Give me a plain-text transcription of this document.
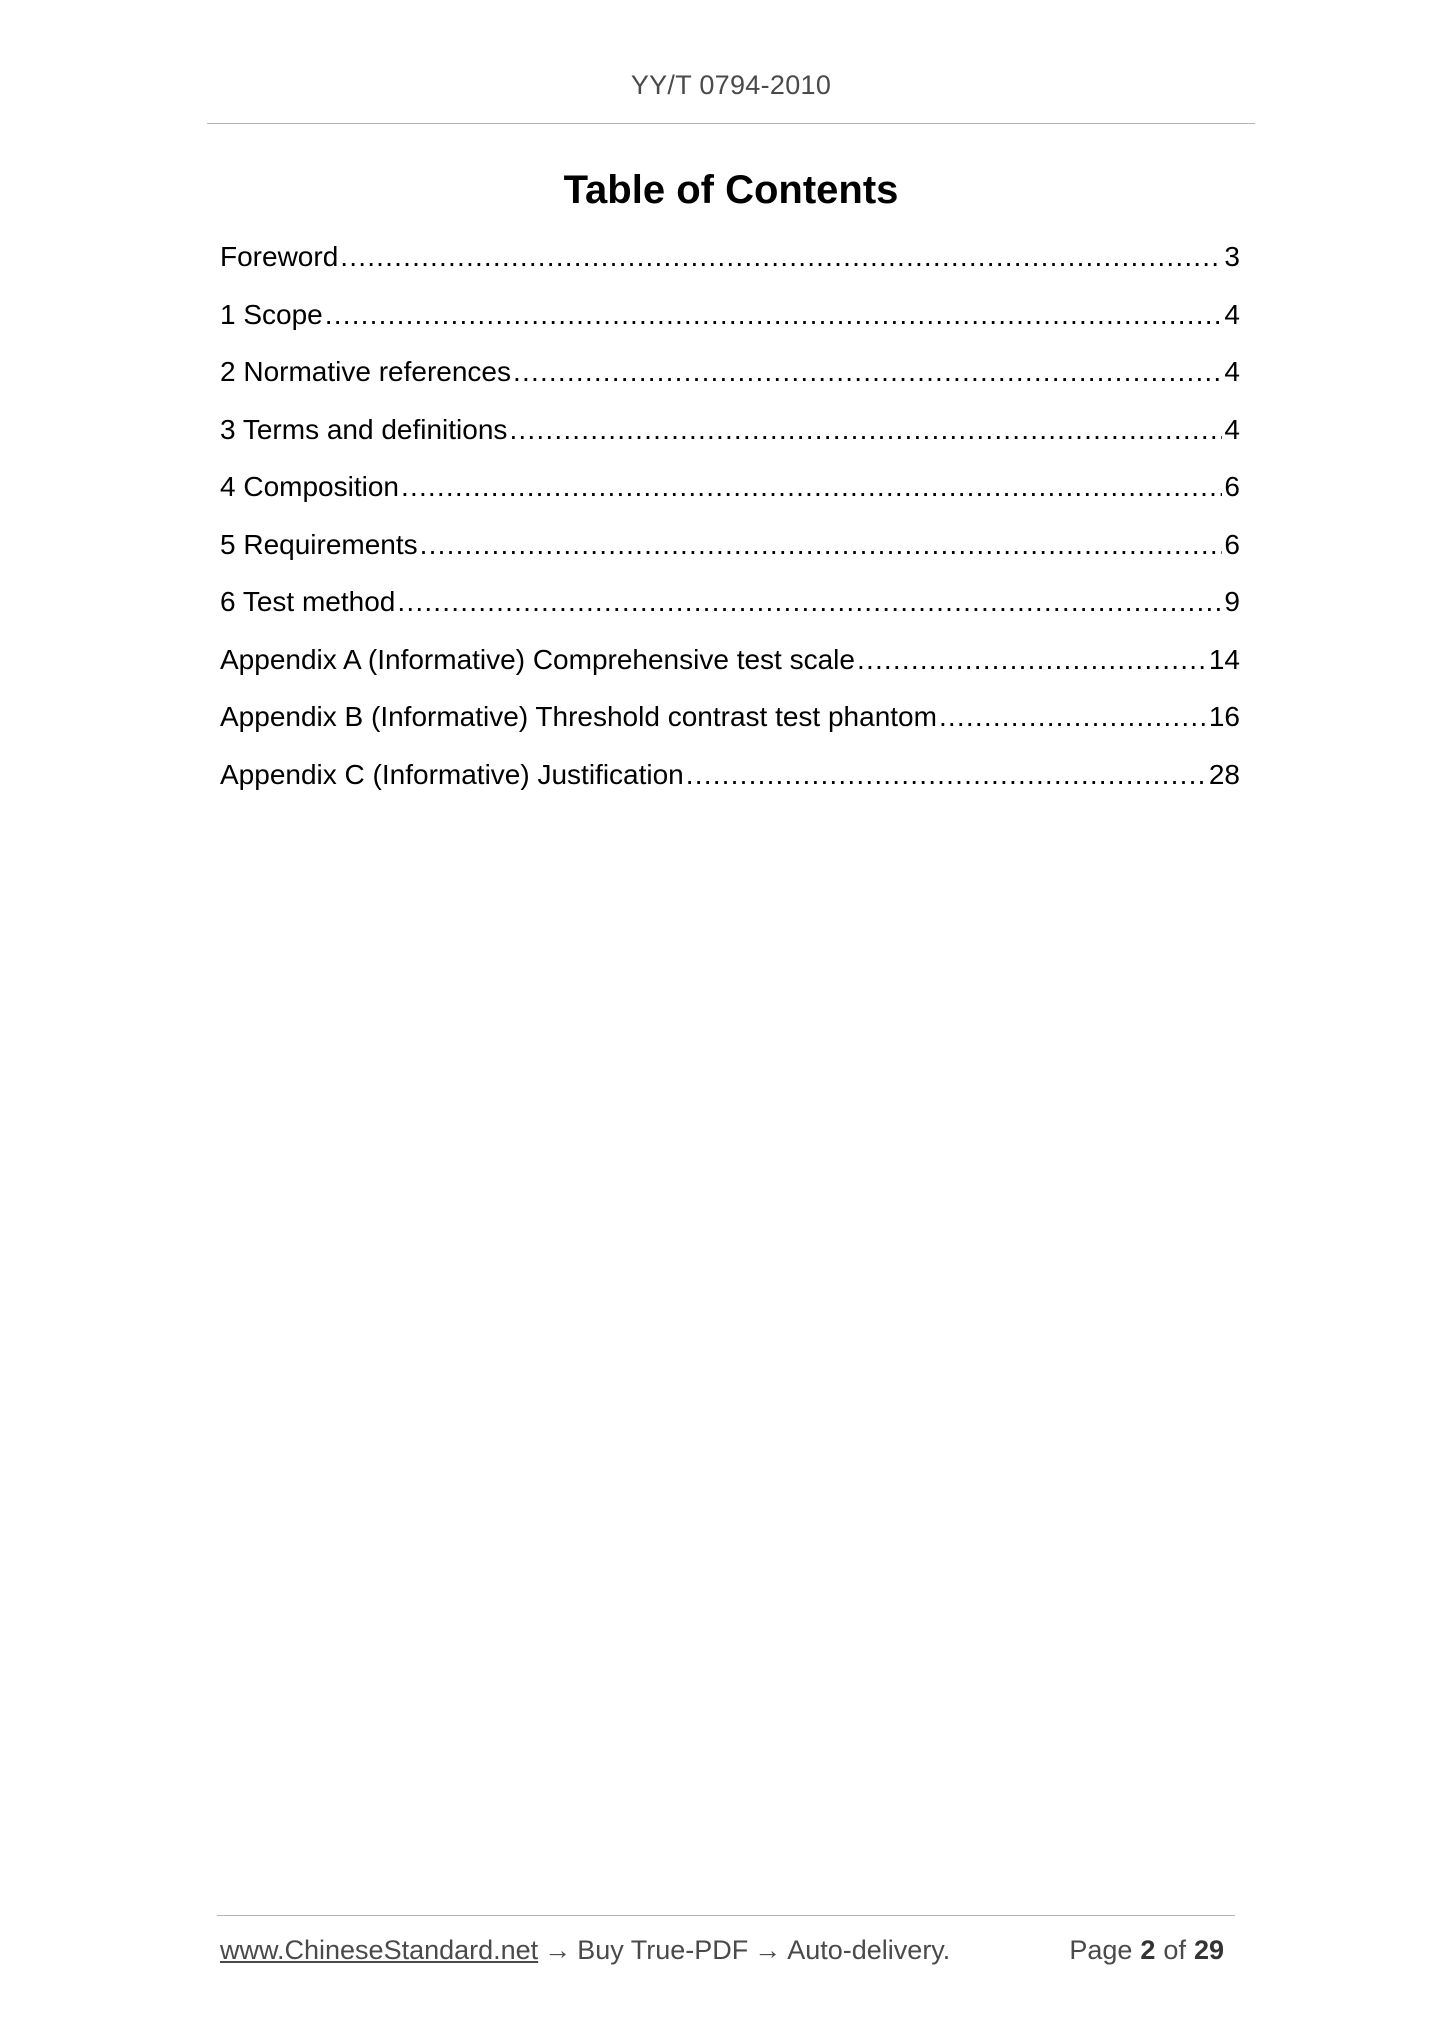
YY/T 0794-2010
Table of Contents
Foreword .....	3
1 Scope .....	4
2 Normative references .....	4
3 Terms and definitions .....	4
4 Composition .....	6
5 Requirements .....	6
6 Test method .....	9
Appendix A (Informative) Comprehensive test scale .....	14
Appendix B (Informative) Threshold contrast test phantom .....	16
Appendix C (Informative) Justification .....	28
www.ChineseStandard.net → Buy True-PDF → Auto-delivery.	Page 2 of 29
